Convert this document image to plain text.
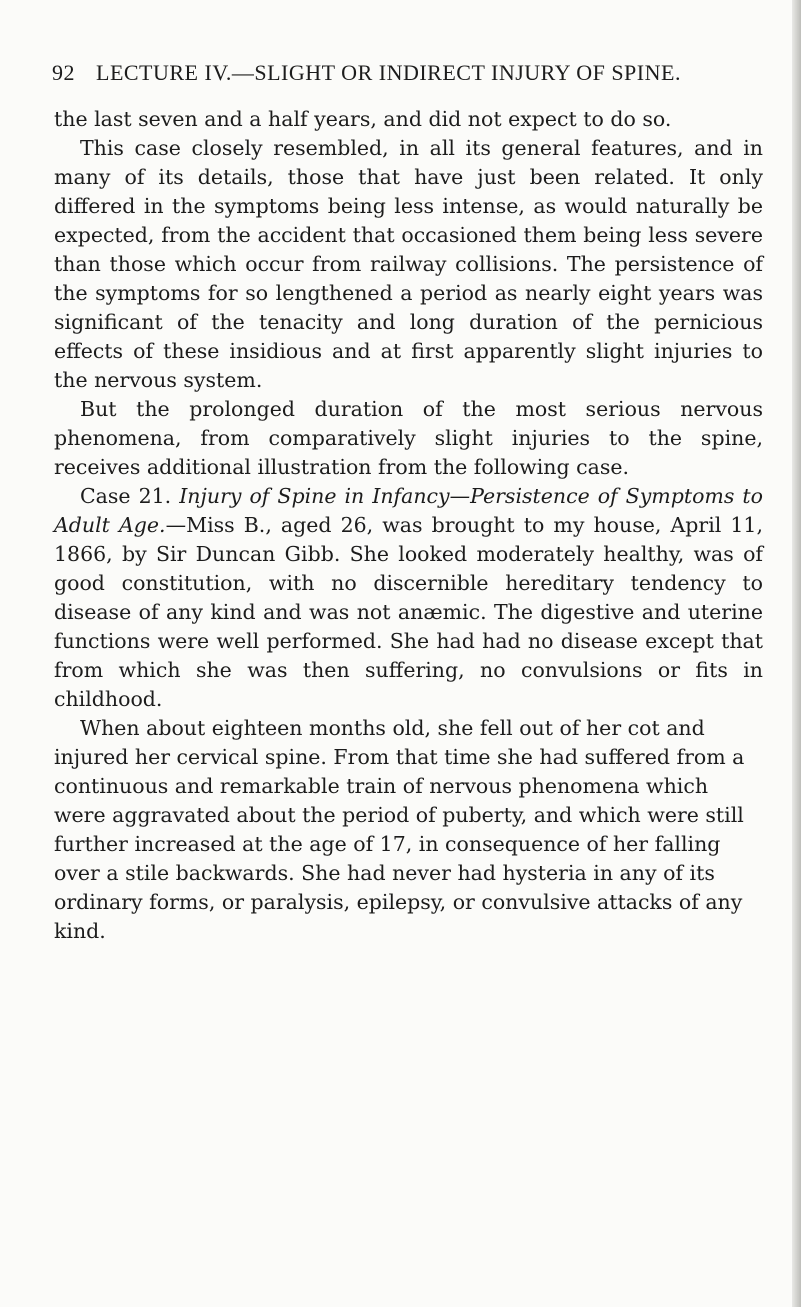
92 LECTURE IV.—SLIGHT OR INDIRECT INJURY OF SPINE.

the last seven and a half years, and did not expect to do so.

This case closely resembled, in all its general features, and in many of its details, those that have just been related. It only differed in the symptoms being less intense, as would naturally be expected, from the accident that occasioned them being less severe than those which occur from railway collisions. The persistence of the symptoms for so lengthened a period as nearly eight years was significant of the tenacity and long duration of the pernicious effects of these insidious and at first apparently slight injuries to the nervous system.

But the prolonged duration of the most serious nervous phenomena, from comparatively slight injuries to the spine, receives additional illustration from the following case.

Case 21. Injury of Spine in Infancy—Persistence of Symptoms to Adult Age.—Miss B., aged 26, was brought to my house, April 11, 1866, by Sir Duncan Gibb. She looked moderately healthy, was of good constitution, with no discernible hereditary tendency to disease of any kind and was not anæmic. The digestive and uterine functions were well performed. She had had no disease except that from which she was then suffering, no convulsions or fits in childhood.

When about eighteen months old, she fell out of her cot and injured her cervical spine. From that time she had suffered from a continuous and remarkable train of nervous phenomena which were aggravated about the period of puberty, and which were still further increased at the age of 17, in consequence of her falling over a stile backwards. She had never had hysteria in any of its ordinary forms, or paralysis, epilepsy, or convulsive attacks of any kind.
